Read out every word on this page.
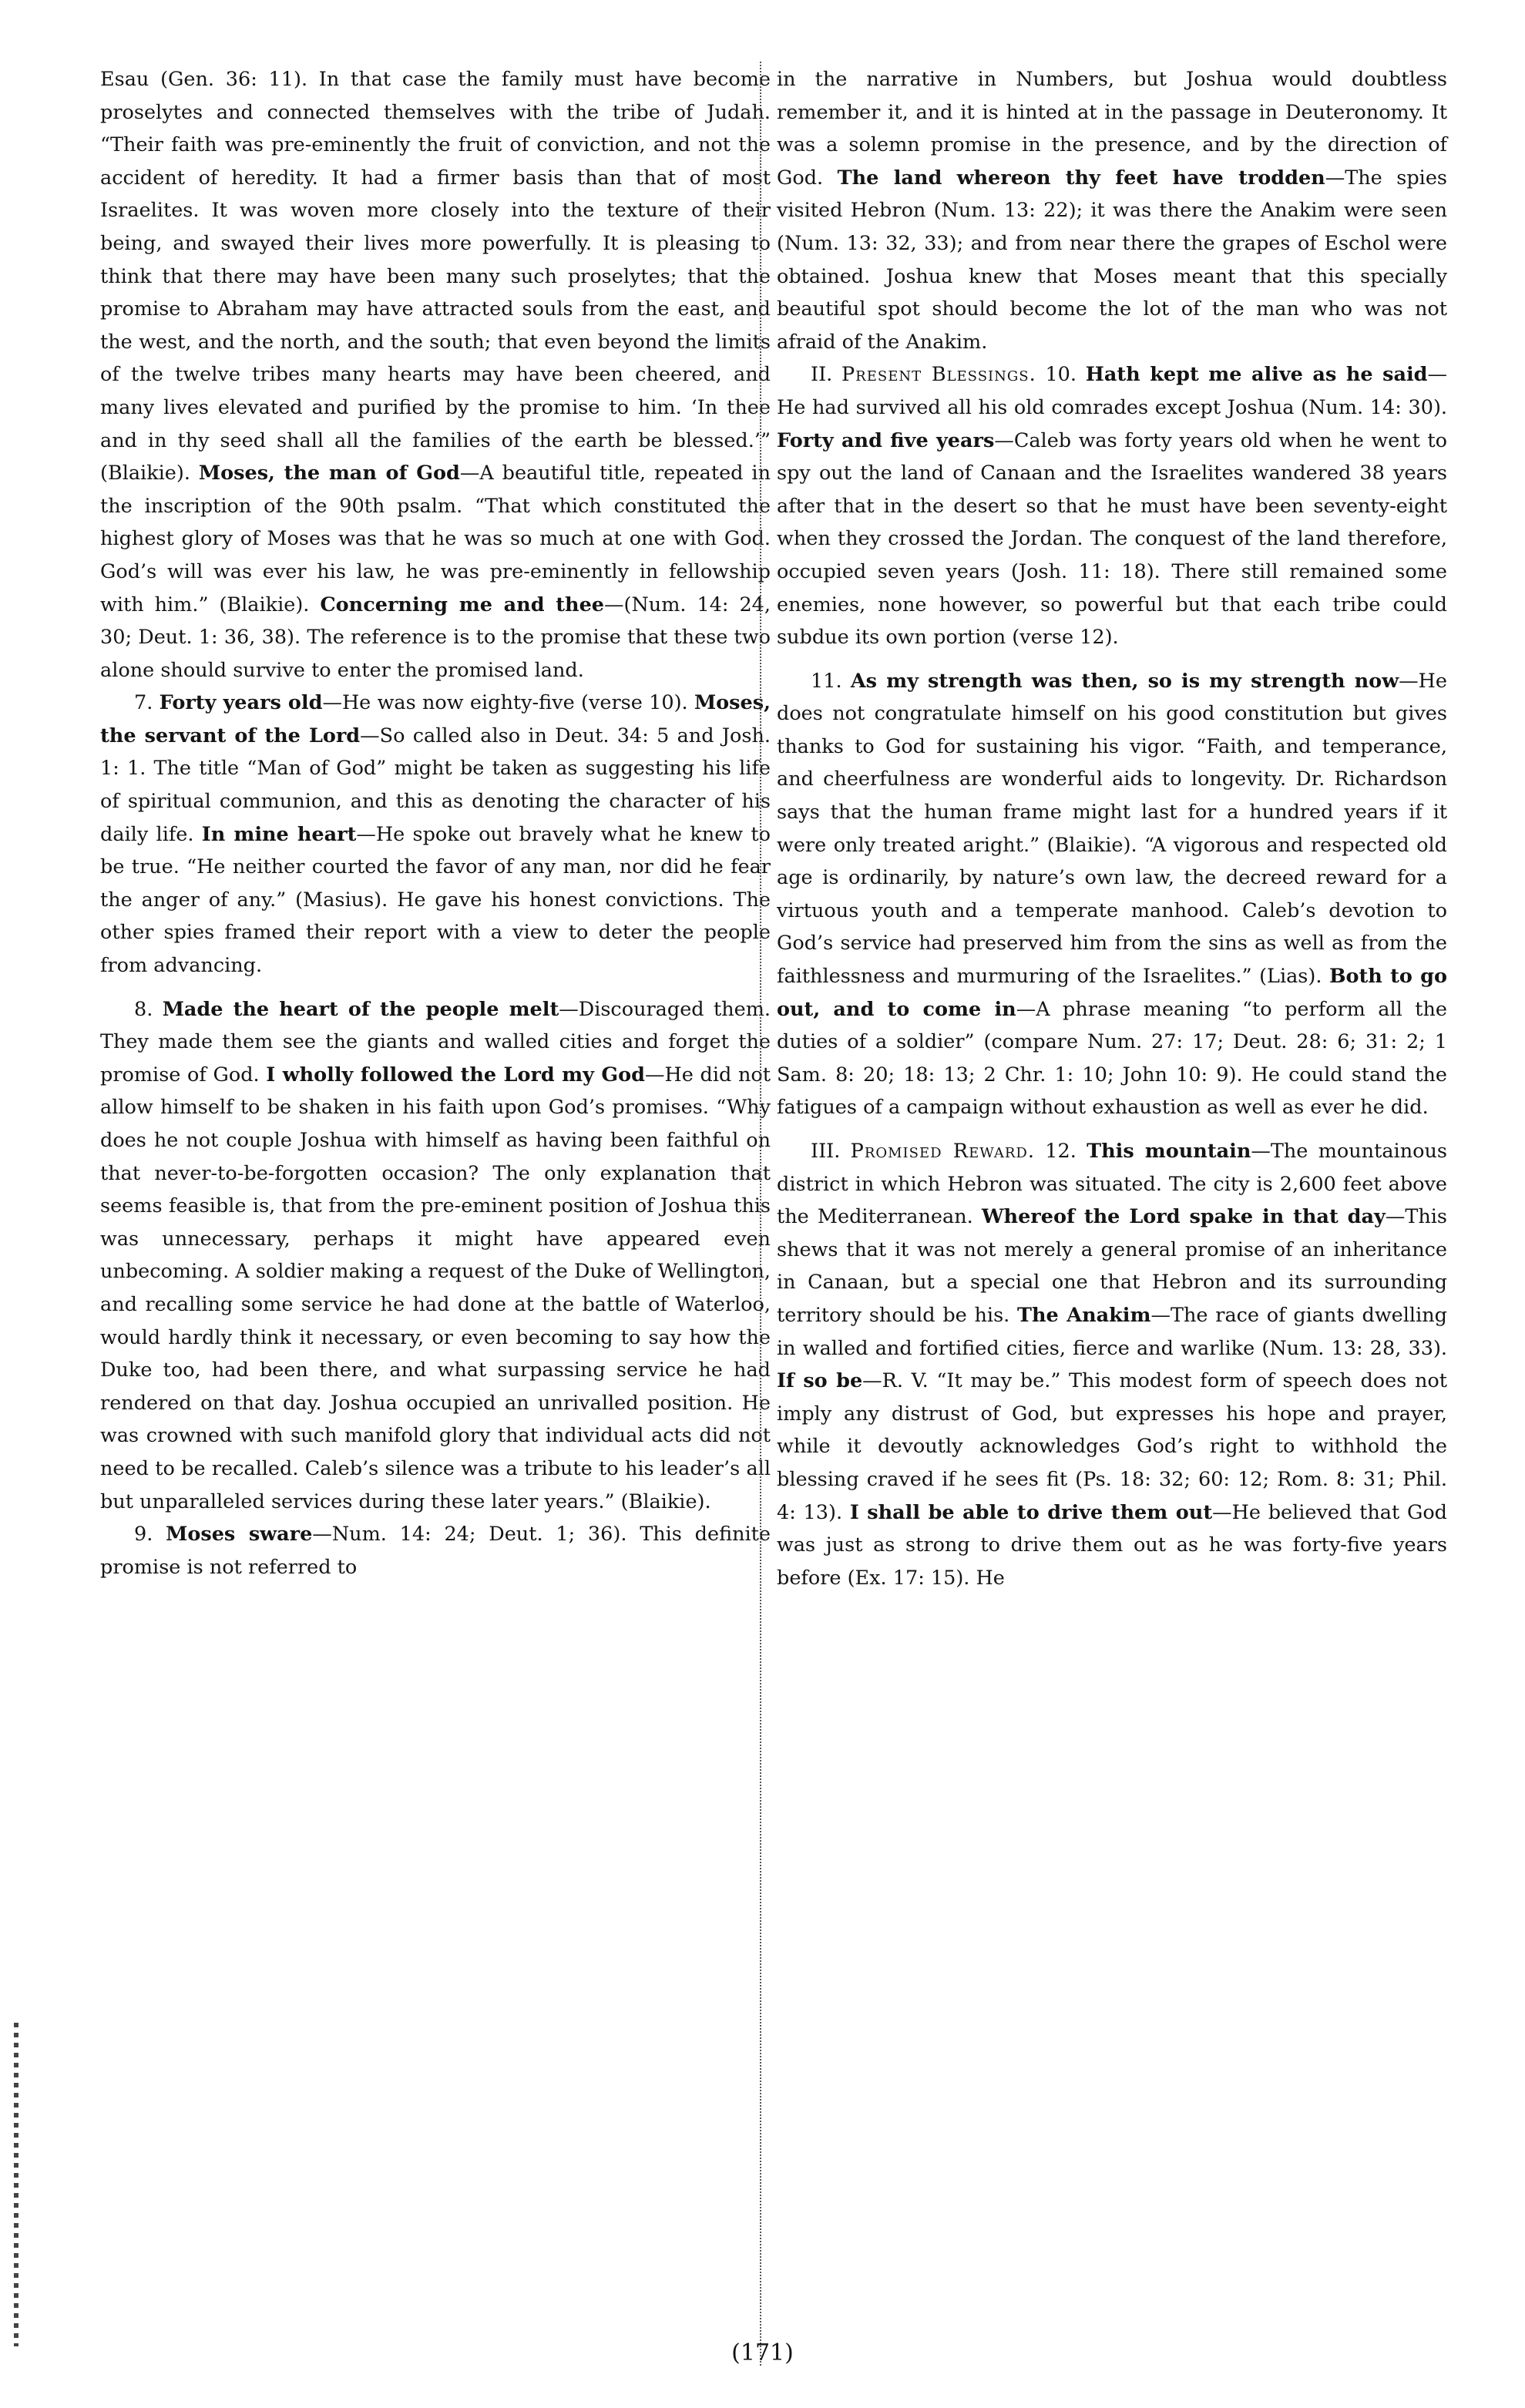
Esau (Gen. 36: 11). In that case the family must have become proselytes and connected themselves with the tribe of Judah. “Their faith was pre-eminently the fruit of conviction, and not the accident of heredity. It had a firmer basis than that of most Israelites. It was woven more closely into the texture of their being, and swayed their lives more powerfully. It is pleasing to think that there may have been many such proselytes; that the promise to Abraham may have attracted souls from the east, and the west, and the north, and the south; that even beyond the limits of the twelve tribes many hearts may have been cheered, and many lives elevated and purified by the promise to him. ‘In thee and in thy seed shall all the families of the earth be blessed.’” (Blaikie). Moses, the man of God—A beautiful title, repeated in the inscription of the 90th psalm. “That which constituted the highest glory of Moses was that he was so much at one with God. God’s will was ever his law, he was pre-eminently in fellowship with him.” (Blaikie). Concerning me and thee—(Num. 14: 24, 30; Deut. 1: 36, 38). The reference is to the promise that these two alone should survive to enter the promised land.

7. Forty years old—He was now eighty-five (verse 10). Moses, the servant of the Lord—So called also in Deut. 34: 5 and Josh. 1: 1. The title “Man of God” might be taken as suggesting his life of spiritual communion, and this as denoting the character of his daily life. In mine heart—He spoke out bravely what he knew to be true. “He neither courted the favor of any man, nor did he fear the anger of any.” (Masius). He gave his honest convictions. The other spies framed their report with a view to deter the people from advancing.

8. Made the heart of the people melt—Discouraged them. They made them see the giants and walled cities and forget the promise of God. I wholly followed the Lord my God—He did not allow himself to be shaken in his faith upon God’s promises. “Why does he not couple Joshua with himself as having been faithful on that never-to-be-forgotten occasion? The only explanation that seems feasible is, that from the pre-eminent position of Joshua this was unnecessary, perhaps it might have appeared even unbecoming. A soldier making a request of the Duke of Wellington, and recalling some service he had done at the battle of Waterloo, would hardly think it necessary, or even becoming to say how the Duke too, had been there, and what surpassing service he had rendered on that day. Joshua occupied an unrivalled position. He was crowned with such manifold glory that individual acts did not need to be recalled. Caleb’s silence was a tribute to his leader’s all but unparalleled services during these later years.” (Blaikie).

9. Moses sware—Num. 14: 24; Deut. 1; 36). This definite promise is not referred to

in the narrative in Numbers, but Joshua would doubtless remember it, and it is hinted at in the passage in Deuteronomy. It was a solemn promise in the presence, and by the direction of God. The land whereon thy feet have trodden—The spies visited Hebron (Num. 13: 22); it was there the Anakim were seen (Num. 13: 32, 33); and from near there the grapes of Eschol were obtained. Joshua knew that Moses meant that this specially beautiful spot should become the lot of the man who was not afraid of the Anakim.

II. Present Blessings. 10. Hath kept me alive as he said—He had survived all his old comrades except Joshua (Num. 14: 30). Forty and five years—Caleb was forty years old when he went to spy out the land of Canaan and the Israelites wandered 38 years after that in the desert so that he must have been seventy-eight when they crossed the Jordan. The conquest of the land therefore, occupied seven years (Josh. 11: 18). There still remained some enemies, none however, so powerful but that each tribe could subdue its own portion (verse 12).

11. As my strength was then, so is my strength now—He does not congratulate himself on his good constitution but gives thanks to God for sustaining his vigor. “Faith, and temperance, and cheerfulness are wonderful aids to longevity. Dr. Richardson says that the human frame might last for a hundred years if it were only treated aright.” (Blaikie). “A vigorous and respected old age is ordinarily, by nature’s own law, the decreed reward for a virtuous youth and a temperate manhood. Caleb’s devotion to God’s service had preserved him from the sins as well as from the faithlessness and murmuring of the Israelites.” (Lias). Both to go out, and to come in—A phrase meaning “to perform all the duties of a soldier” (compare Num. 27: 17; Deut. 28: 6; 31: 2; 1 Sam. 8: 20; 18: 13; 2 Chr. 1: 10; John 10: 9). He could stand the fatigues of a campaign without exhaustion as well as ever he did.

III. Promised Reward. 12. This mountain—The mountainous district in which Hebron was situated. The city is 2,600 feet above the Mediterranean. Whereof the Lord spake in that day—This shews that it was not merely a general promise of an inheritance in Canaan, but a special one that Hebron and its surrounding territory should be his. The Anakim—The race of giants dwelling in walled and fortified cities, fierce and warlike (Num. 13: 28, 33). If so be—R. V. “It may be.” This modest form of speech does not imply any distrust of God, but expresses his hope and prayer, while it devoutly acknowledges God’s right to withhold the blessing craved if he sees fit (Ps. 18: 32; 60: 12; Rom. 8: 31; Phil. 4: 13). I shall be able to drive them out—He believed that God was just as strong to drive them out as he was forty-five years before (Ex. 17: 15). He

(171)
